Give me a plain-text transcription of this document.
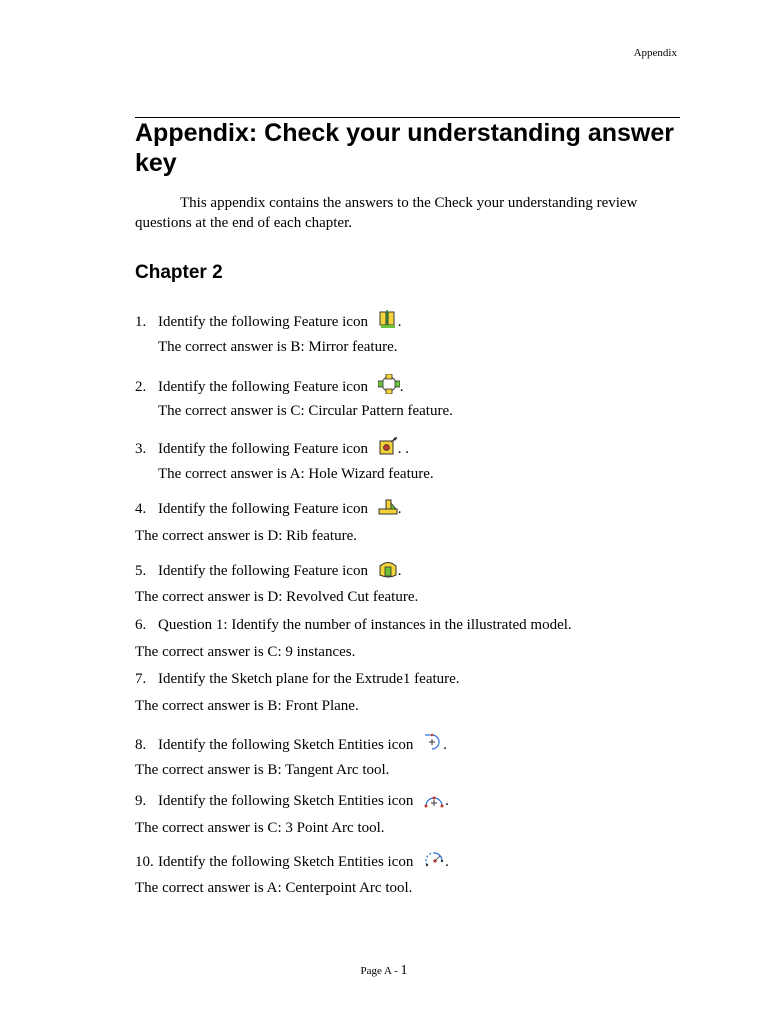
Appendix
Appendix: Check your understanding answer key

This appendix contains the answers to the Check your understanding review questions at the end of each chapter.

Chapter 2
1. Identify the following Feature icon .
The correct answer is B: Mirror feature.
2. Identify the following Feature icon .
The correct answer is C: Circular Pattern feature.
3. Identify the following Feature icon . .
The correct answer is A: Hole Wizard feature.
4. Identify the following Feature icon .
The correct answer is D: Rib feature.
5. Identify the following Feature icon .
The correct answer is D: Revolved Cut feature.
6. Question 1: Identify the number of instances in the illustrated model.
The correct answer is C: 9 instances.
7. Identify the Sketch plane for the Extrude1 feature.
The correct answer is B: Front Plane.
8. Identify the following Sketch Entities icon .
The correct answer is B: Tangent Arc tool.
9. Identify the following Sketch Entities icon .
The correct answer is C: 3 Point Arc tool.
10. Identify the following Sketch Entities icon .
The correct answer is A: Centerpoint Arc tool.
Page A - 1
